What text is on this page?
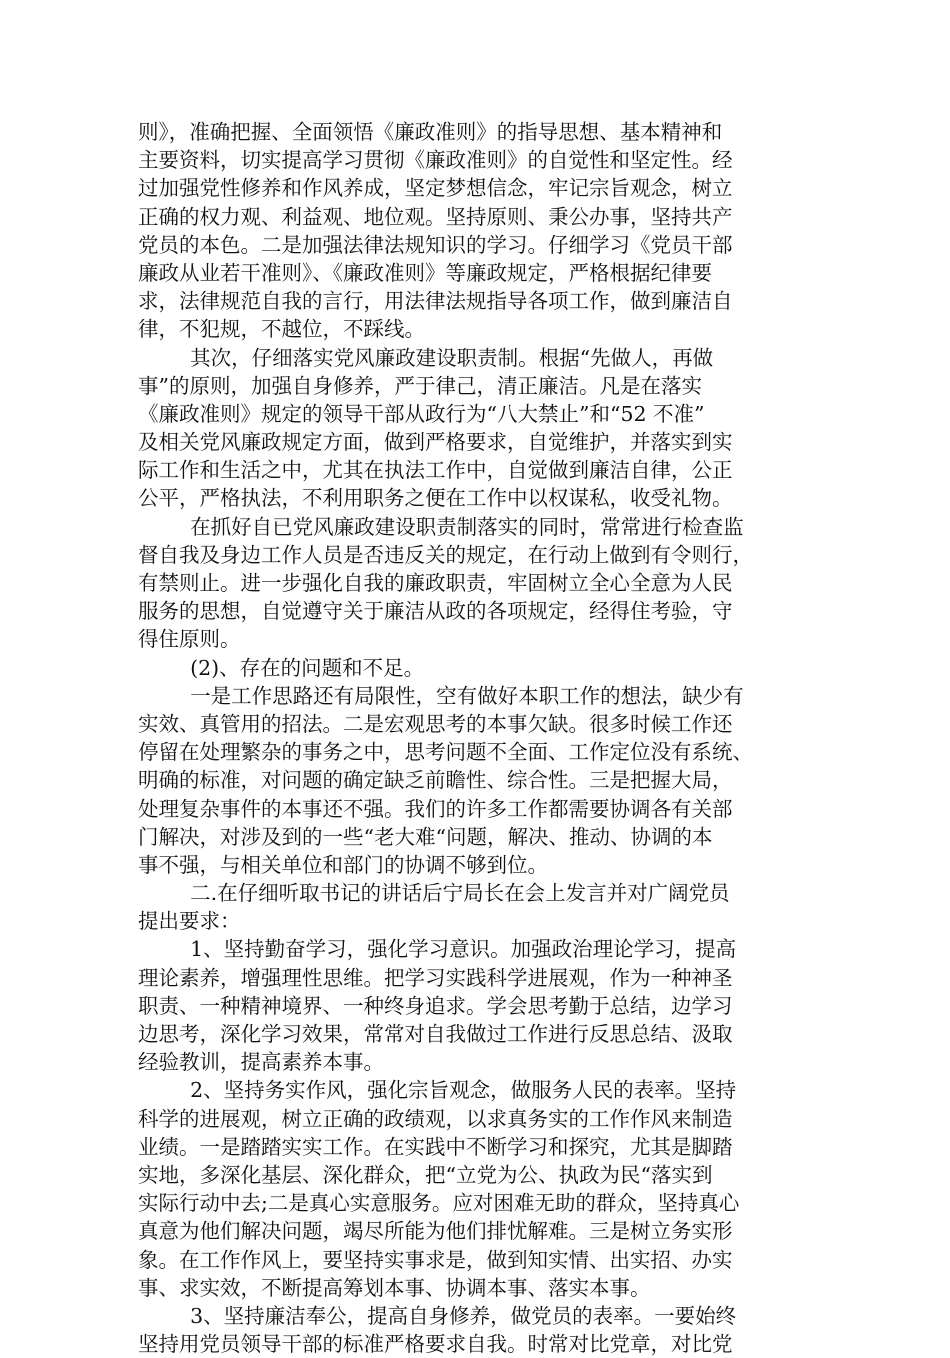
则》，准确把握、全面领悟《廉政准则》的指导思想、基本精神和
主要资料，切实提高学习贯彻《廉政准则》的自觉性和坚定性。经
过加强党性修养和作风养成，坚定梦想信念，牢记宗旨观念，树立
正确的权力观、利益观、地位观。坚持原则、秉公办事，坚持共产
党员的本色。二是加强法律法规知识的学习。仔细学习《党员干部
廉政从业若干准则》、《廉政准则》等廉政规定，严格根据纪律要
求，法律规范自我的言行，用法律法规指导各项工作，做到廉洁自
律，不犯规，不越位，不踩线。
其次，仔细落实党风廉政建设职责制。根据“先做人，再做
事”的原则，加强自身修养，严于律己，清正廉洁。凡是在落实
《廉政准则》规定的领导干部从政行为“八大禁止”和“52 不准”
及相关党风廉政规定方面，做到严格要求，自觉维护，并落实到实
际工作和生活之中，尤其在执法工作中，自觉做到廉洁自律，公正
公平，严格执法，不利用职务之便在工作中以权谋私，收受礼物。
在抓好自已党风廉政建设职责制落实的同时，常常进行检查监
督自我及身边工作人员是否违反关的规定，在行动上做到有令则行，
有禁则止。进一步强化自我的廉政职责，牢固树立全心全意为人民
服务的思想，自觉遵守关于廉洁从政的各项规定，经得住考验，守
得住原则。
(2)、存在的问题和不足。
一是工作思路还有局限性，空有做好本职工作的想法，缺少有
实效、真管用的招法。二是宏观思考的本事欠缺。很多时候工作还
停留在处理繁杂的事务之中，思考问题不全面、工作定位没有系统、
明确的标准，对问题的确定缺乏前瞻性、综合性。三是把握大局，
处理复杂事件的本事还不强。我们的许多工作都需要协调各有关部
门解决，对涉及到的一些“老大难“问题，解决、推动、协调的本
事不强，与相关单位和部门的协调不够到位。
二.在仔细听取书记的讲话后宁局长在会上发言并对广阔党员
提出要求：
1、坚持勤奋学习，强化学习意识。加强政治理论学习，提高
理论素养，增强理性思维。把学习实践科学进展观，作为一种神圣
职责、一种精神境界、一种终身追求。学会思考勤于总结，边学习
边思考，深化学习效果，常常对自我做过工作进行反思总结、汲取
经验教训，提高素养本事。
2、坚持务实作风，强化宗旨观念，做服务人民的表率。坚持
科学的进展观，树立正确的政绩观，以求真务实的工作作风来制造
业绩。一是踏踏实实工作。在实践中不断学习和探究，尤其是脚踏
实地，多深化基层、深化群众，把“立党为公、执政为民“落实到
实际行动中去;二是真心实意服务。应对困难无助的群众，坚持真心
真意为他们解决问题，竭尽所能为他们排忧解难。三是树立务实形
象。在工作作风上，要坚持实事求是，做到知实情、出实招、办实
事、求实效，不断提高筹划本事、协调本事、落实本事。
3、坚持廉洁奉公，提高自身修养，做党员的表率。一要始终
坚持用党员领导干部的标准严格要求自我。时常对比党章，对比党
